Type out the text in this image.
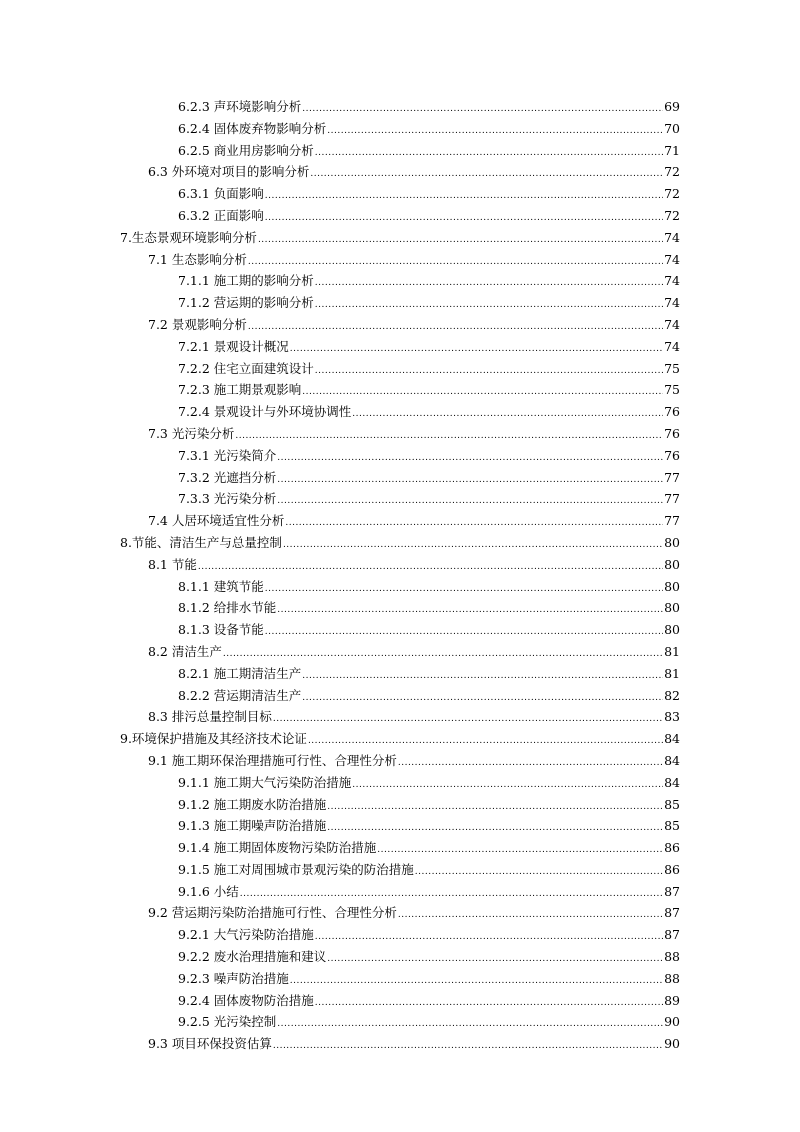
6.2.3 声环境影响分析 .....	69
6.2.4 固体废弃物影响分析 .....	70
6.2.5 商业用房影响分析 .....	71
6.3 外环境对项目的影响分析 .....	72
6.3.1 负面影响 .....	72
6.3.2 正面影响 .....	72
7.生态景观环境影响分析 .....	74
7.1 生态影响分析 .....	74
7.1.1 施工期的影响分析 .....	74
7.1.2 营运期的影响分析 .....	74
7.2 景观影响分析 .....	74
7.2.1 景观设计概况 .....	74
7.2.2 住宅立面建筑设计 .....	75
7.2.3 施工期景观影响 .....	75
7.2.4 景观设计与外环境协调性 .....	76
7.3 光污染分析 .....	76
7.3.1 光污染简介 .....	76
7.3.2 光遮挡分析 .....	77
7.3.3 光污染分析 .....	77
7.4 人居环境适宜性分析 .....	77
8.节能、清洁生产与总量控制 .....	80
8.1 节能 .....	80
8.1.1 建筑节能 .....	80
8.1.2 给排水节能 .....	80
8.1.3 设备节能 .....	80
8.2 清洁生产 .....	81
8.2.1 施工期清洁生产 .....	81
8.2.2 营运期清洁生产 .....	82
8.3 排污总量控制目标 .....	83
9.环境保护措施及其经济技术论证 .....	84
9.1 施工期环保治理措施可行性、合理性分析 .....	84
9.1.1 施工期大气污染防治措施 .....	84
9.1.2 施工期废水防治措施 .....	85
9.1.3 施工期噪声防治措施 .....	85
9.1.4 施工期固体废物污染防治措施 .....	86
9.1.5 施工对周围城市景观污染的防治措施 .....	86
9.1.6 小结 .....	87
9.2 营运期污染防治措施可行性、合理性分析 .....	87
9.2.1 大气污染防治措施 .....	87
9.2.2 废水治理措施和建议 .....	88
9.2.3 噪声防治措施 .....	88
9.2.4 固体废物防治措施 .....	89
9.2.5 光污染控制 .....	90
9.3 项目环保投资估算 .....	90
